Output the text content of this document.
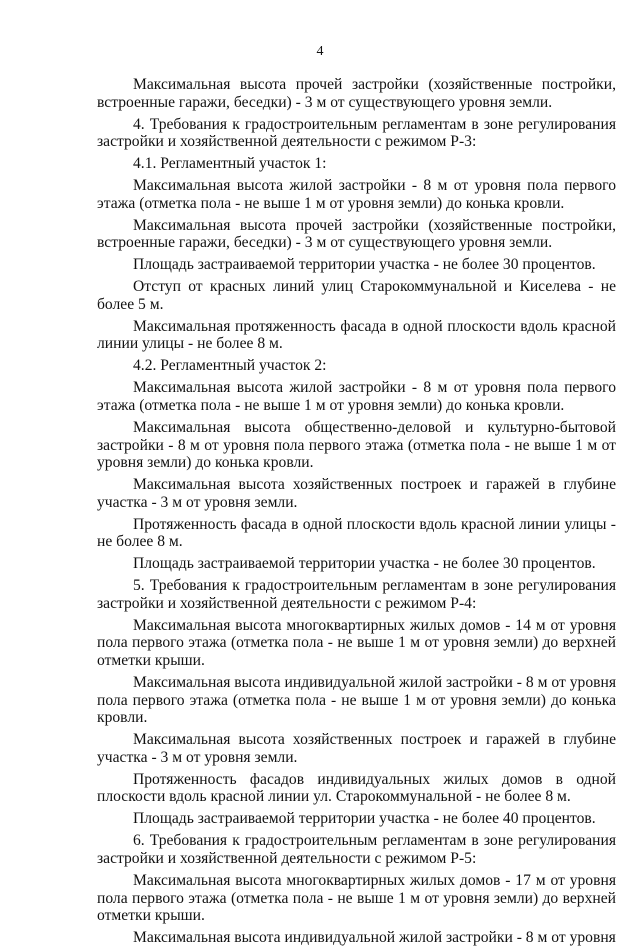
4

Максимальная высота прочей застройки (хозяйственные постройки, встроенные гаражи, беседки) - 3 м от существующего уровня земли.

4. Требования к градостроительным регламентам в зоне регулирования застройки и хозяйственной деятельности с режимом Р-3:

4.1. Регламентный участок 1:

Максимальная высота жилой застройки - 8 м от уровня пола первого этажа (отметка пола - не выше 1 м от уровня земли) до конька кровли.

Максимальная высота прочей застройки (хозяйственные постройки, встроенные гаражи, беседки) - 3 м от существующего уровня земли.

Площадь застраиваемой территории участка - не более 30 процентов.

Отступ от красных линий улиц Старокоммунальной и Киселева - не более 5 м.

Максимальная протяженность фасада в одной плоскости вдоль красной линии улицы - не более 8 м.

4.2. Регламентный участок 2:

Максимальная высота жилой застройки - 8 м от уровня пола первого этажа (отметка пола - не выше 1 м от уровня земли) до конька кровли.

Максимальная высота общественно-деловой и культурно-бытовой застройки - 8 м от уровня пола первого этажа (отметка пола - не выше 1 м от уровня земли) до конька кровли.

Максимальная высота хозяйственных построек и гаражей в глубине участка - 3 м от уровня земли.

Протяженность фасада в одной плоскости вдоль красной линии улицы - не более 8 м.

Площадь застраиваемой территории участка - не более 30 процентов.

5. Требования к градостроительным регламентам в зоне регулирования застройки и хозяйственной деятельности с режимом Р-4:

Максимальная высота многоквартирных жилых домов - 14 м от уровня пола первого этажа (отметка пола - не выше 1 м от уровня земли) до верхней отметки крыши.

Максимальная высота индивидуальной жилой застройки - 8 м от уровня пола первого этажа (отметка пола - не выше 1 м от уровня земли) до конька кровли.

Максимальная высота хозяйственных построек и гаражей в глубине участка - 3 м от уровня земли.

Протяженность фасадов индивидуальных жилых домов в одной плоскости вдоль красной линии ул. Старокоммунальной - не более 8 м.

Площадь застраиваемой территории участка - не более 40 процентов.

6. Требования к градостроительным регламентам в зоне регулирования застройки и хозяйственной деятельности с режимом Р-5:

Максимальная высота многоквартирных жилых домов - 17 м от уровня пола первого этажа (отметка пола - не выше 1 м от уровня земли) до верхней отметки крыши.

Максимальная высота индивидуальной жилой застройки - 8 м от уровня
